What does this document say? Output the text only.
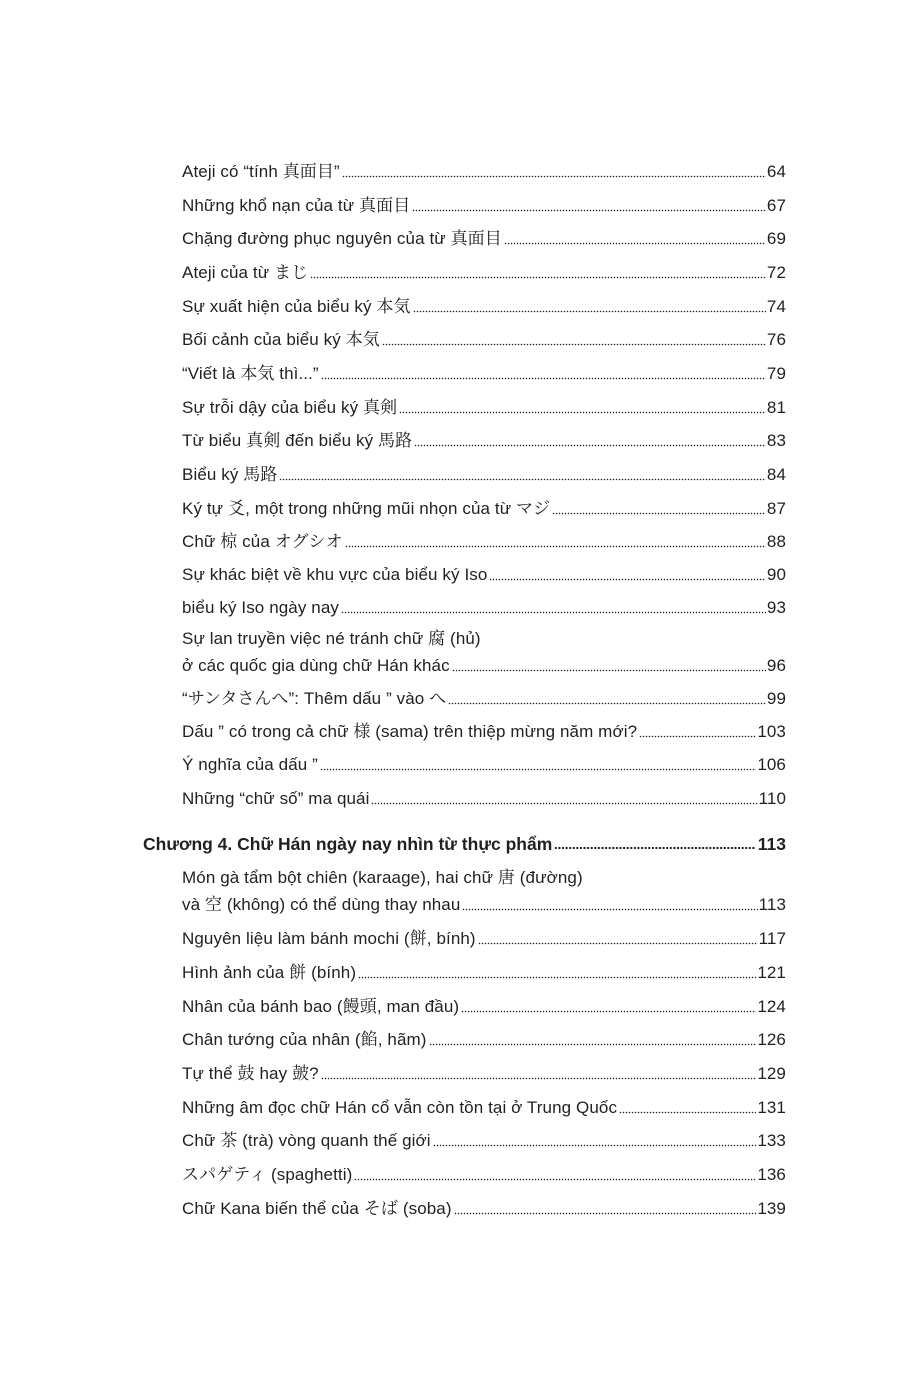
Ateji có “tính 真面目”	64
Những khổ nạn của từ 真面目	67
Chặng đường phục nguyên của từ 真面目	69
Ateji của từ まじ	72
Sự xuất hiện của biểu ký 本気	74
Bối cảnh của biểu ký 本気	76
“Viết là 本気 thì...”	79
Sự trỗi dậy của biểu ký 真剣	81
Từ biểu 真剣 đến biểu ký 馬路	83
Biểu ký 馬路	84
Ký tự 爻, một trong những mũi nhọn của từ マジ	87
Chữ 椋 của オグシオ	88
Sự khác biệt về khu vực của biểu ký Iso	90
biểu ký Iso ngày nay	93
Sự lan truyền việc né tránh chữ 腐 (hủ)
ở các quốc gia dùng chữ Hán khác	96
“サンタさんへ”: Thêm dấu ” vào へ	99
Dấu ” có trong cả chữ 様 (sama) trên thiệp mừng năm mới?	103
Ý nghĩa của dấu ”	106
Những “chữ số” ma quái	110
Chương 4. Chữ Hán ngày nay nhìn từ thực phẩm	113
Món gà tẩm bột chiên (karaage), hai chữ 唐 (đường)
và 空 (không) có thể dùng thay nhau	113
Nguyên liệu làm bánh mochi (餅, bính)	117
Hình ảnh của 餅 (bính)	121
Nhân của bánh bao (饅頭, man đầu)	124
Chân tướng của nhân (餡, hãm)	126
Tự thể 鼓 hay 皷?	129
Những âm đọc chữ Hán cổ vẫn còn tồn tại ở Trung Quốc	131
Chữ 茶 (trà) vòng quanh thế giới	133
スパゲティ (spaghetti)	136
Chữ Kana biến thể của そば (soba)	139
